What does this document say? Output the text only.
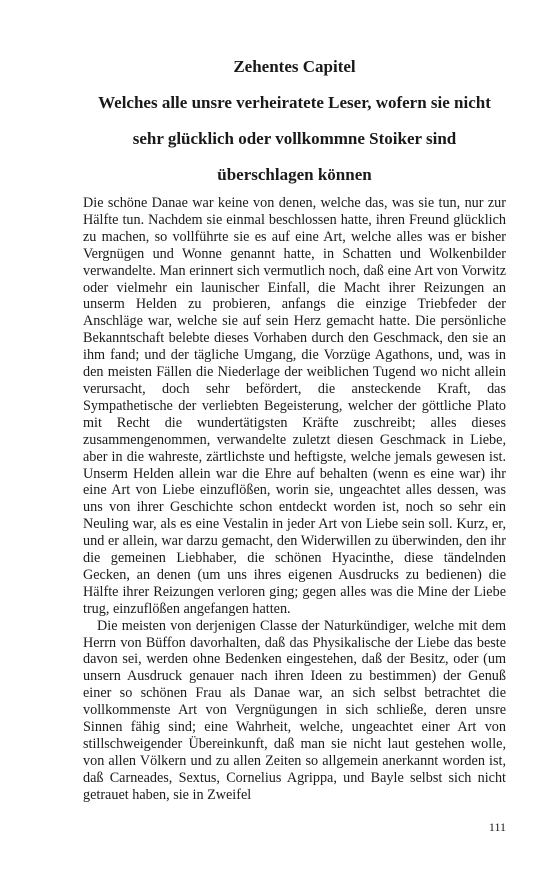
Zehentes Capitel
Welches alle unsre verheiratete Leser, wofern sie nicht
sehr glücklich oder vollkommne Stoiker sind
überschlagen können

Die schöne Danae war keine von denen, welche das, was sie tun, nur zur Hälfte tun. Nachdem sie einmal beschlossen hatte, ihren Freund glücklich zu machen, so vollführte sie es auf eine Art, welche alles was er bisher Vergnügen und Wonne genannt hatte, in Schatten und Wolkenbilder verwandelte. Man erinnert sich vermutlich noch, daß eine Art von Vorwitz oder vielmehr ein launischer Einfall, die Macht ihrer Reizungen an unserm Helden zu probieren, anfangs die einzige Triebfeder der Anschläge war, welche sie auf sein Herz gemacht hatte. Die persönliche Bekanntschaft belebte dieses Vorhaben durch den Geschmack, den sie an ihm fand; und der tägliche Umgang, die Vorzüge Agathons, und, was in den meisten Fällen die Niederlage der weiblichen Tugend wo nicht allein verursacht, doch sehr befördert, die ansteckende Kraft, das Sympathetische der verliebten Begeisterung, welcher der göttliche Plato mit Recht die wundertätigsten Kräfte zuschreibt; alles dieses zusammengenommen, verwandelte zuletzt diesen Geschmack in Liebe, aber in die wahreste, zärtlichste und heftigste, welche jemals gewesen ist. Unserm Helden allein war die Ehre auf behalten (wenn es eine war) ihr eine Art von Liebe einzuflößen, worin sie, ungeachtet alles dessen, was uns von ihrer Geschichte schon entdeckt worden ist, noch so sehr ein Neuling war, als es eine Vestalin in jeder Art von Liebe sein soll. Kurz, er, und er allein, war darzu gemacht, den Widerwillen zu überwinden, den ihr die gemeinen Liebhaber, die schönen Hyacinthe, diese tändelnden Gecken, an denen (um uns ihres eigenen Ausdrucks zu bedienen) die Hälfte ihrer Reizungen verloren ging; gegen alles was die Mine der Liebe trug, einzuflößen angefangen hatten.

Die meisten von derjenigen Classe der Naturkündiger, welche mit dem Herrn von Büffon davorhalten, daß das Physikalische der Liebe das beste davon sei, werden ohne Bedenken eingestehen, daß der Besitz, oder (um unsern Ausdruck genauer nach ihren Ideen zu bestimmen) der Genuß einer so schönen Frau als Danae war, an sich selbst betrachtet die vollkommenste Art von Vergnügungen in sich schließe, deren unsre Sinnen fähig sind; eine Wahrheit, welche, ungeachtet einer Art von stillschweigender Übereinkunft, daß man sie nicht laut gestehen wolle, von allen Völkern und zu allen Zeiten so allgemein anerkannt worden ist, daß Carneades, Sextus, Cornelius Agrippa, und Bayle selbst sich nicht getrauet haben, sie in Zweifel

111
